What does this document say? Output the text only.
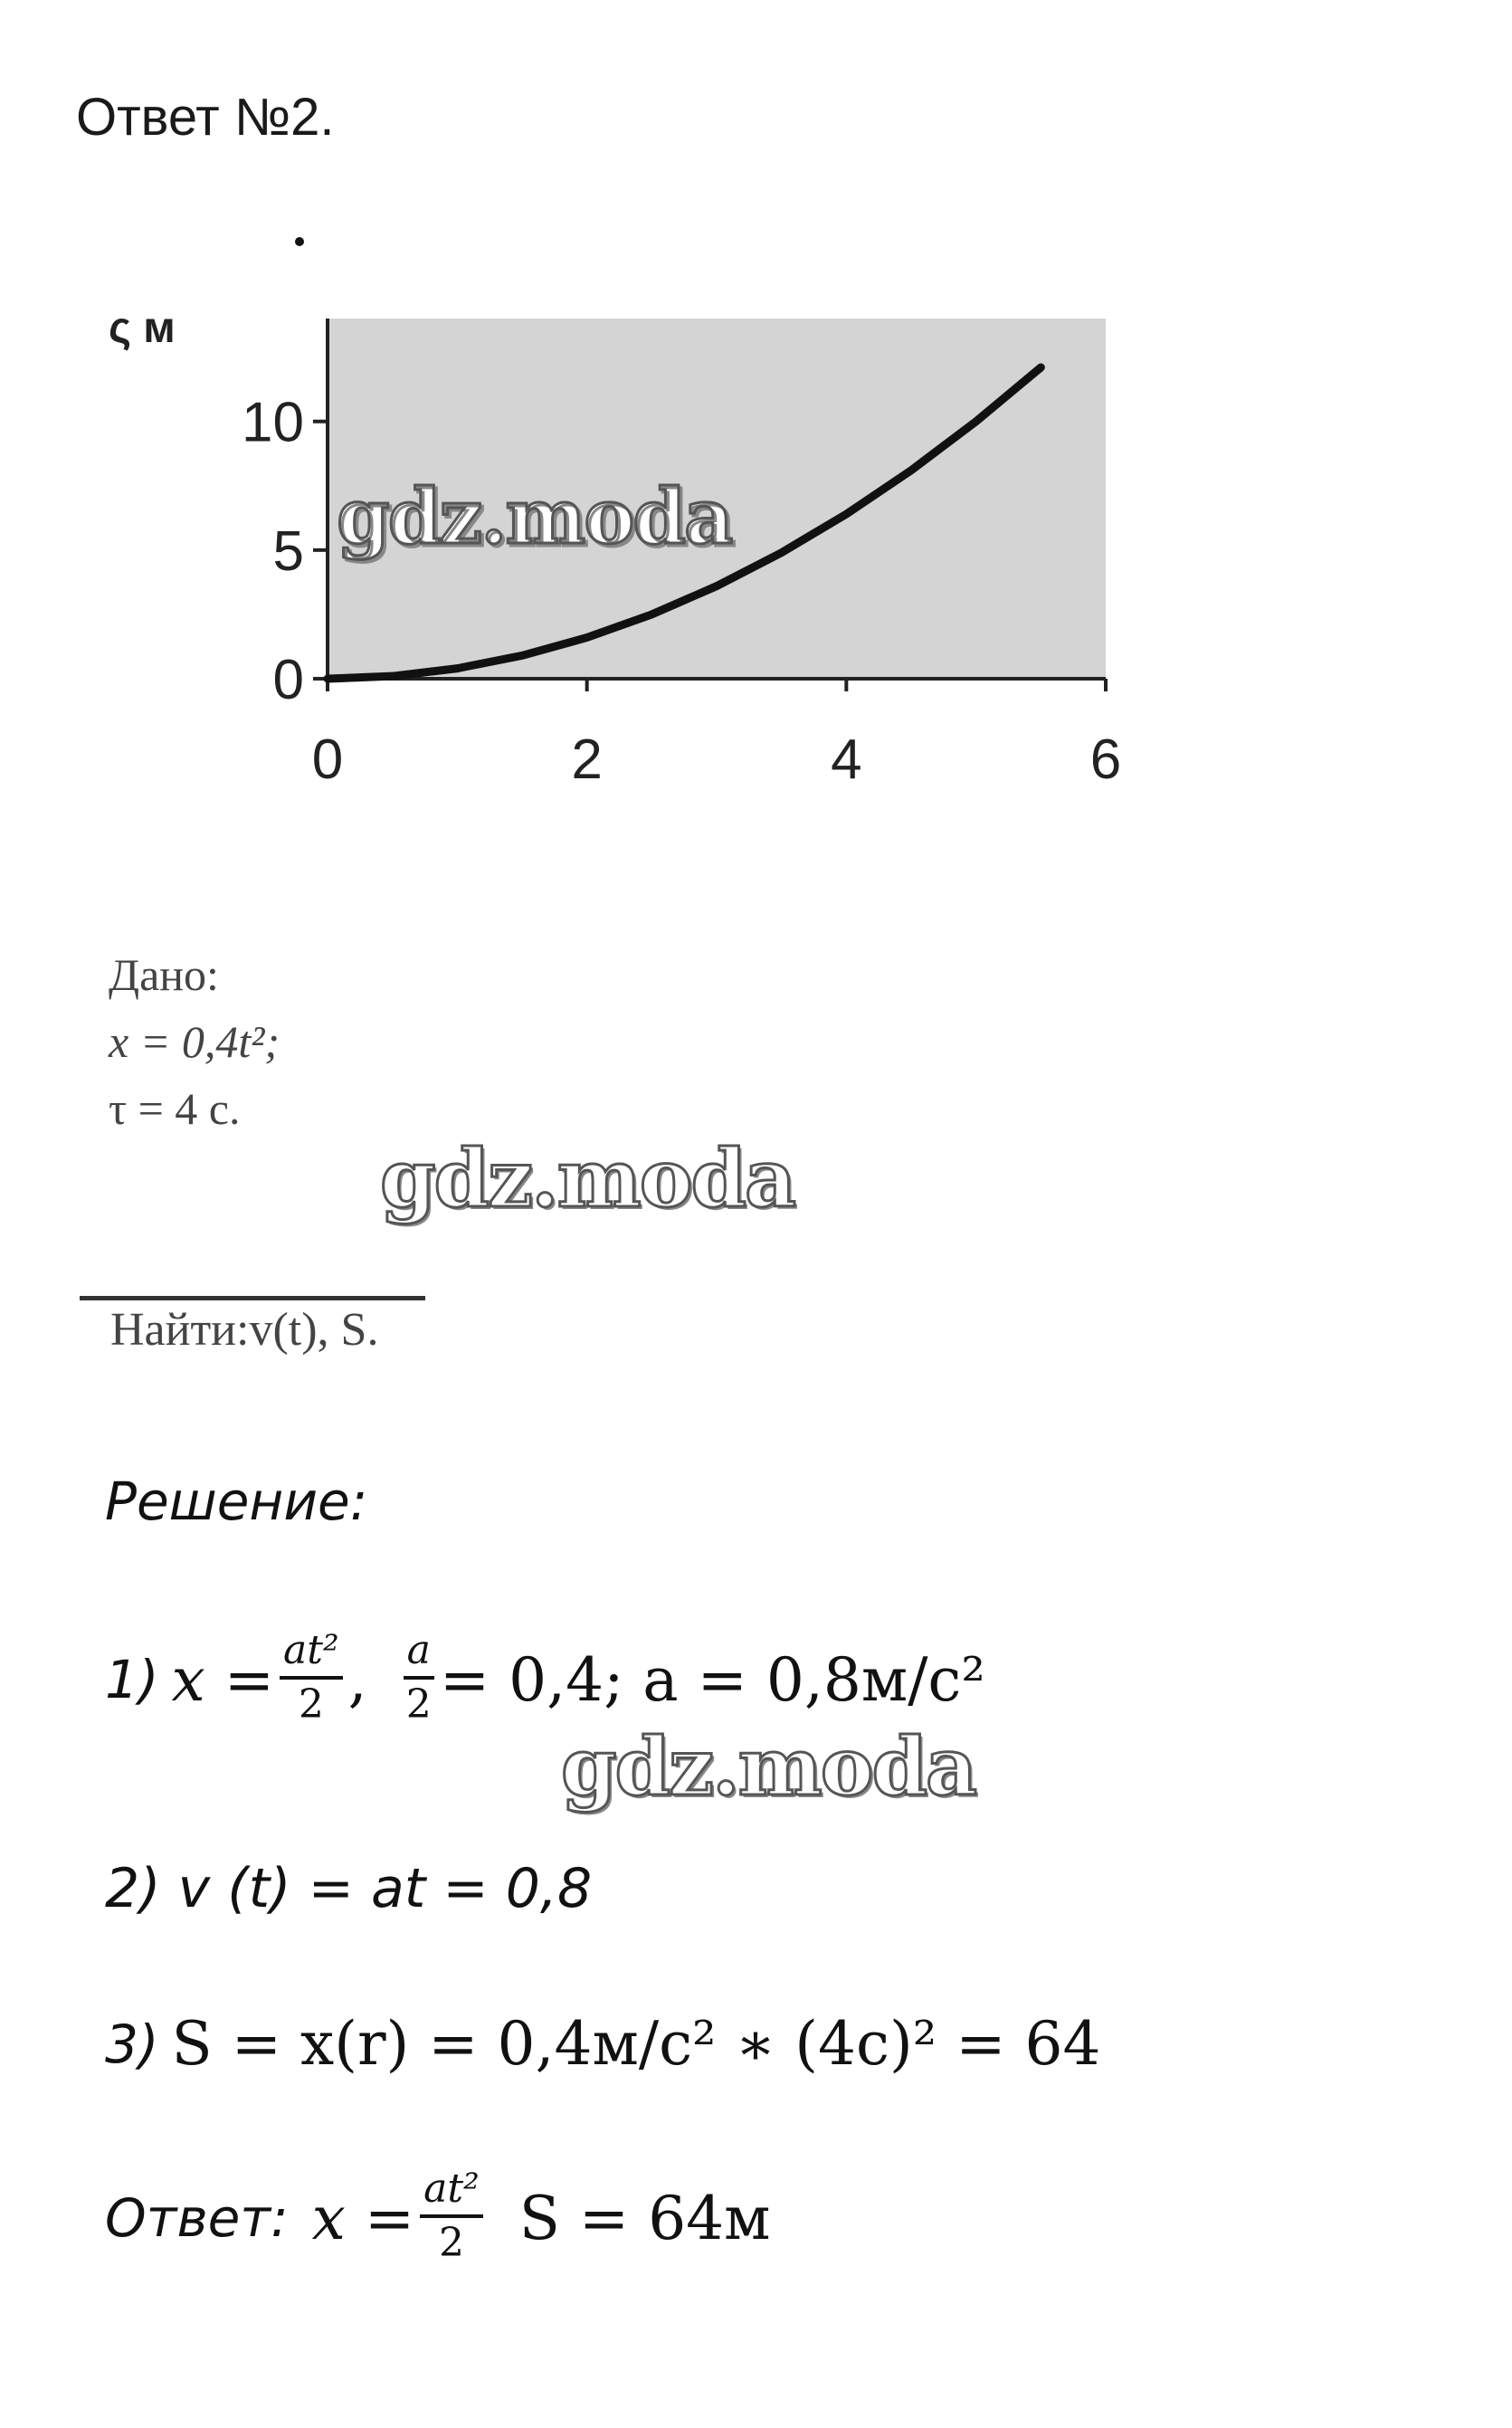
Ответ №2.
0	2	4	6
0
5
10
ς м
gdz.moda
Дано:
x = 0,4t²;
τ = 4 с.
gdz.moda
Найти:v(t), S.
Решение:
1) $x = \frac{\text{at²}}{2}$ , $\frac{a}{2} = 0,4$; a = 0,8м/с²
gdz.moda
2) v (t) = at = 0,8
3) S = x(r) = 0,4м/с² ∗ (4с)² = 64
Ответ: $x = \frac{\text{at²}}{2}$ S = 64м
